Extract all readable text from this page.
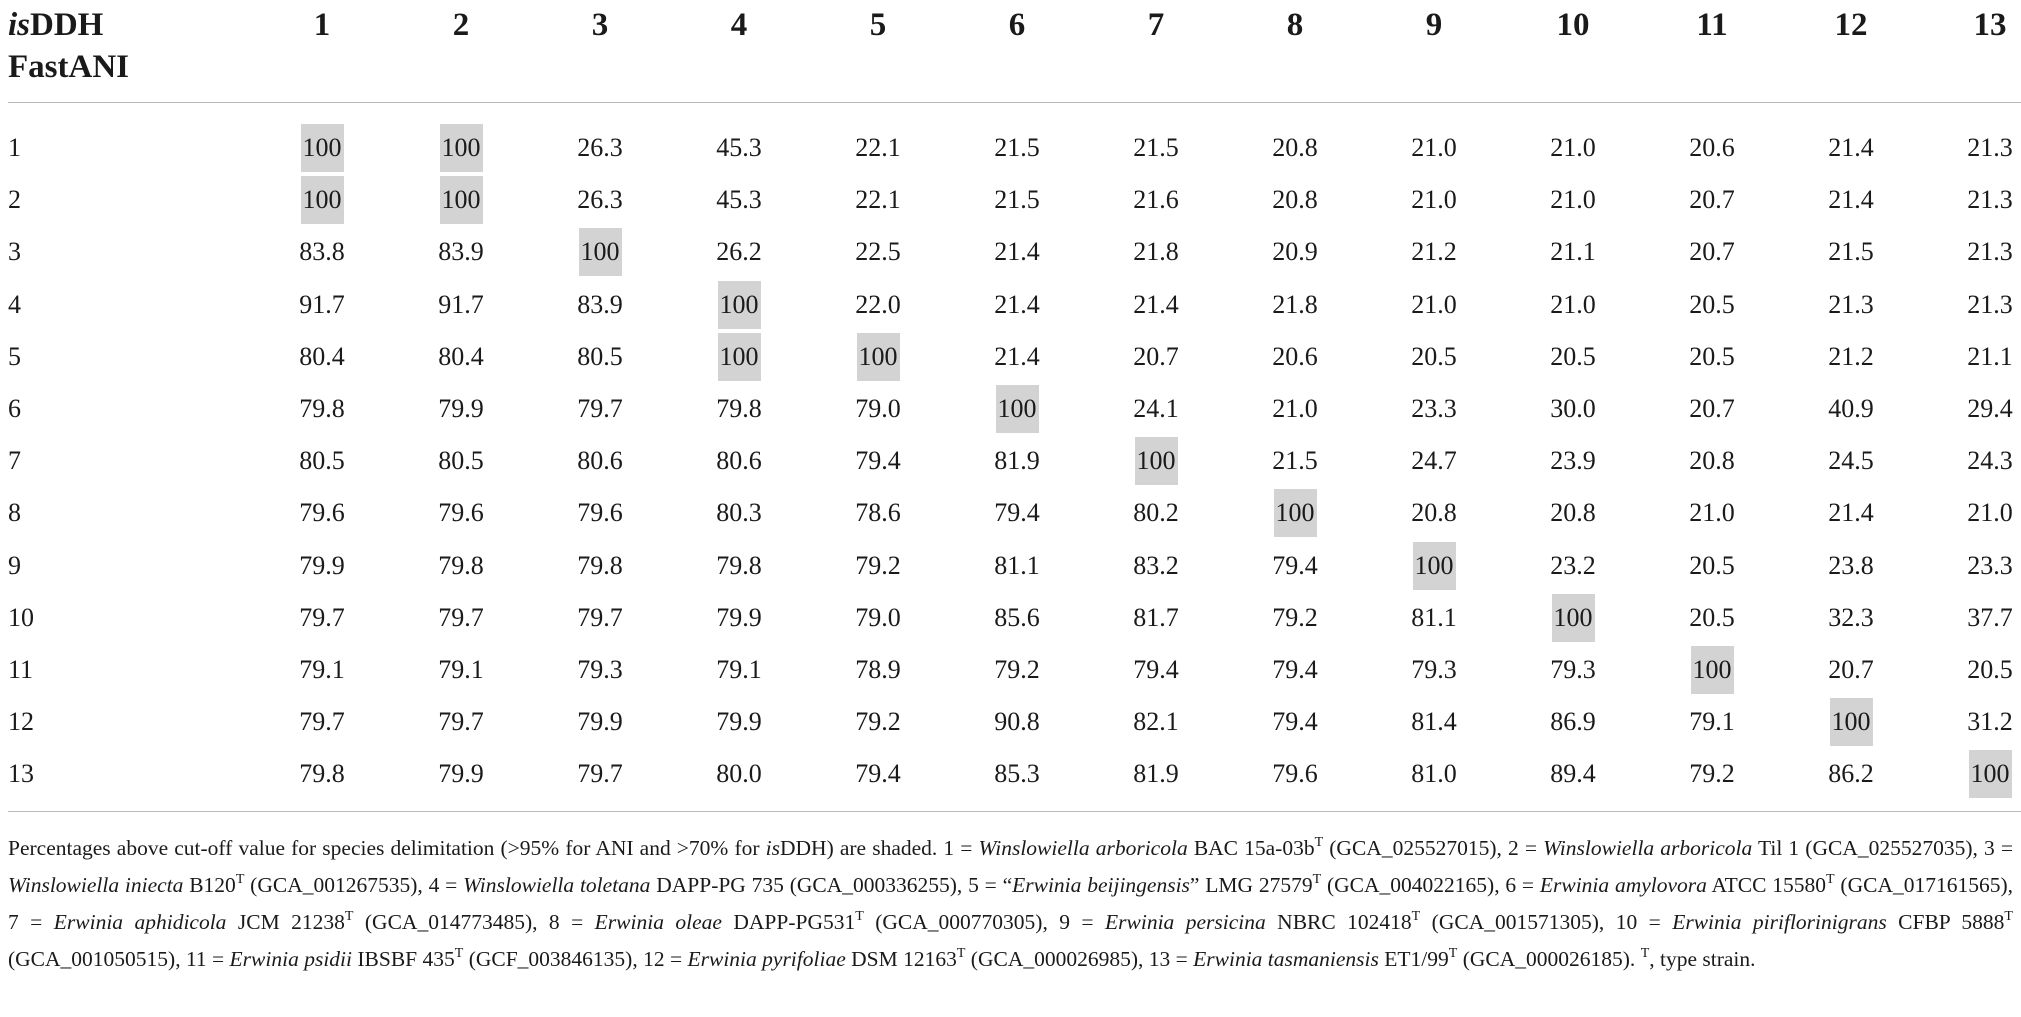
isDDH
FastANI
1	2	3	4	5	6	7	8	9	10	11	12	13
1	100	100	26.3	45.3	22.1	21.5	21.5	20.8	21.0	21.0	20.6	21.4	21.3
2	100	100	26.3	45.3	22.1	21.5	21.6	20.8	21.0	21.0	20.7	21.4	21.3
3	83.8	83.9	100	26.2	22.5	21.4	21.8	20.9	21.2	21.1	20.7	21.5	21.3
4	91.7	91.7	83.9	100	22.0	21.4	21.4	21.8	21.0	21.0	20.5	21.3	21.3
5	80.4	80.4	80.5	100	100	21.4	20.7	20.6	20.5	20.5	20.5	21.2	21.1
6	79.8	79.9	79.7	79.8	79.0	100	24.1	21.0	23.3	30.0	20.7	40.9	29.4
7	80.5	80.5	80.6	80.6	79.4	81.9	100	21.5	24.7	23.9	20.8	24.5	24.3
8	79.6	79.6	79.6	80.3	78.6	79.4	80.2	100	20.8	20.8	21.0	21.4	21.0
9	79.9	79.8	79.8	79.8	79.2	81.1	83.2	79.4	100	23.2	20.5	23.8	23.3
10	79.7	79.7	79.7	79.9	79.0	85.6	81.7	79.2	81.1	100	20.5	32.3	37.7
11	79.1	79.1	79.3	79.1	78.9	79.2	79.4	79.4	79.3	79.3	100	20.7	20.5
12	79.7	79.7	79.9	79.9	79.2	90.8	82.1	79.4	81.4	86.9	79.1	100	31.2
13	79.8	79.9	79.7	80.0	79.4	85.3	81.9	79.6	81.0	89.4	79.2	86.2	100
Percentages above cut-off value for species delimitation (>95% for ANI and >70% for isDDH) are shaded. 1 = Winslowiella arboricola BAC $15a-03b^T$ (GCA_025527015), 2 = Winslowiella arboricola Til 1 (GCA_025527035), 3 = Winslowiella iniecta $B120^T$ (GCA_001267535), 4 = Winslowiella toletana DAPP-PG 735 (GCA_000336255), 5 = “Erwinia beijingensis” LMG $27579^T$ (GCA_004022165), 6 = Erwinia amylovora ATCC $15580^T$ (GCA_017161565), 7 = Erwinia aphidicola JCM $21238^T$ (GCA_014773485), 8 = Erwinia oleae DAPP-$PG531^T$ (GCA_000770305), 9 = Erwinia persicina NBRC $102418^T$ (GCA_001571305), 10 = Erwinia piriflorinigrans CFBP $5888^T$ (GCA_001050515), 11 = Erwinia psidii IBSBF $435^T$ (GCF_003846135), 12 = Erwinia pyrifoliae DSM $12163^T$ (GCA_000026985), 13 = Erwinia tasmaniensis $ET1/99^T$ (GCA_000026185). $^T$, type strain.
